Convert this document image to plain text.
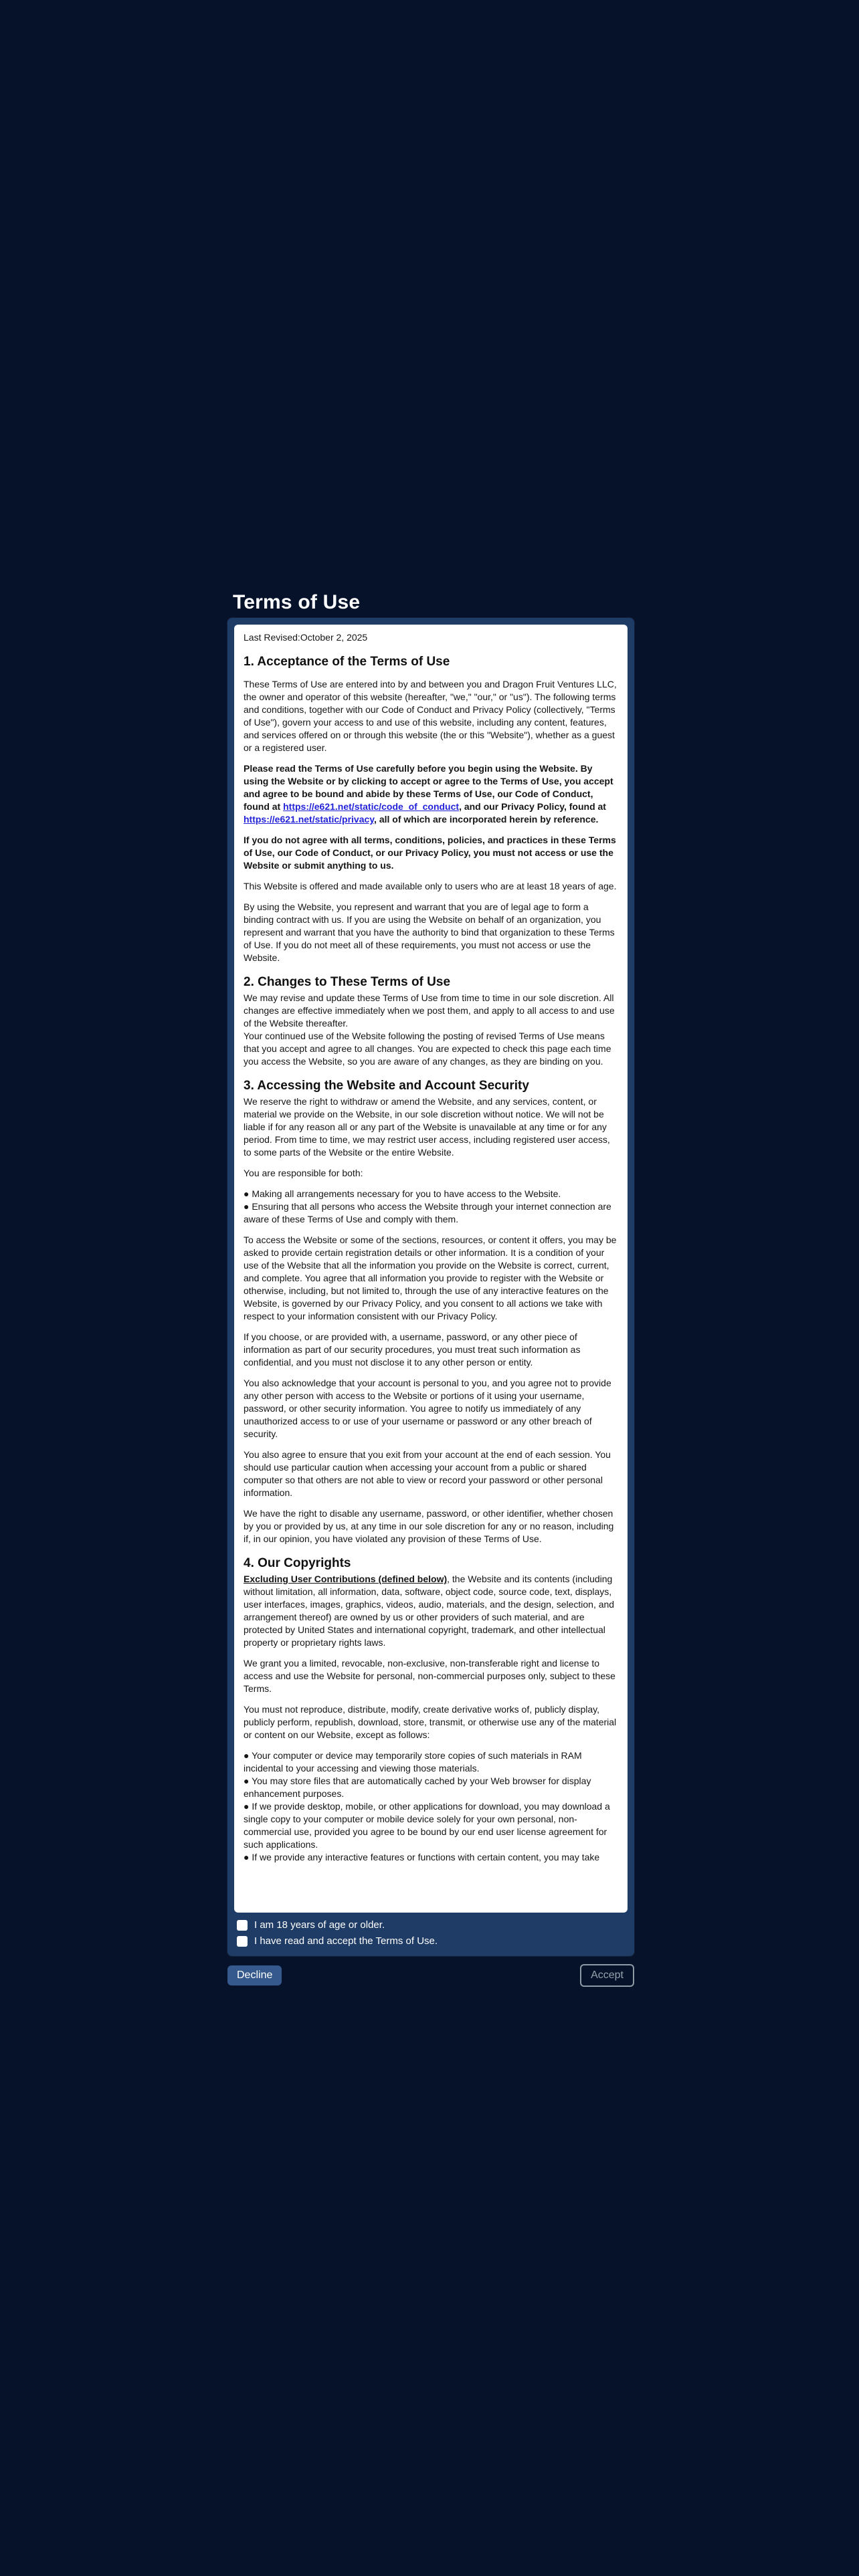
Terms of Use

Last Revised:October 2, 2025

1. Acceptance of the Terms of Use

These Terms of Use are entered into by and between you and Dragon Fruit Ventures LLC, the owner and operator of this website (hereafter, "we," "our," or "us"). The following terms and conditions, together with our Code of Conduct and Privacy Policy (collectively, "Terms of Use"), govern your access to and use of this website, including any content, features, and services offered on or through this website (the or this "Website"), whether as a guest or a registered user.

Please read the Terms of Use carefully before you begin using the Website. By using the Website or by clicking to accept or agree to the Terms of Use, you accept and agree to be bound and abide by these Terms of Use, our Code of Conduct, found at https://e621.net/static/code_of_conduct, and our Privacy Policy, found at https://e621.net/static/privacy, all of which are incorporated herein by reference.

If you do not agree with all terms, conditions, policies, and practices in these Terms of Use, our Code of Conduct, or our Privacy Policy, you must not access or use the Website or submit anything to us.

This Website is offered and made available only to users who are at least 18 years of age.

By using the Website, you represent and warrant that you are of legal age to form a binding contract with us. If you are using the Website on behalf of an organization, you represent and warrant that you have the authority to bind that organization to these Terms of Use. If you do not meet all of these requirements, you must not access or use the Website.

2. Changes to These Terms of Use

We may revise and update these Terms of Use from time to time in our sole discretion. All changes are effective immediately when we post them, and apply to all access to and use of the Website thereafter.
Your continued use of the Website following the posting of revised Terms of Use means that you accept and agree to all changes. You are expected to check this page each time you access the Website, so you are aware of any changes, as they are binding on you.

3. Accessing the Website and Account Security

We reserve the right to withdraw or amend the Website, and any services, content, or material we provide on the Website, in our sole discretion without notice. We will not be liable if for any reason all or any part of the Website is unavailable at any time or for any period. From time to time, we may restrict user access, including registered user access, to some parts of the Website or the entire Website.

You are responsible for both:

● Making all arrangements necessary for you to have access to the Website.
● Ensuring that all persons who access the Website through your internet connection are aware of these Terms of Use and comply with them.

To access the Website or some of the sections, resources, or content it offers, you may be asked to provide certain registration details or other information. It is a condition of your use of the Website that all the information you provide on the Website is correct, current, and complete. You agree that all information you provide to register with the Website or otherwise, including, but not limited to, through the use of any interactive features on the Website, is governed by our Privacy Policy, and you consent to all actions we take with respect to your information consistent with our Privacy Policy.

If you choose, or are provided with, a username, password, or any other piece of information as part of our security procedures, you must treat such information as confidential, and you must not disclose it to any other person or entity.

You also acknowledge that your account is personal to you, and you agree not to provide any other person with access to the Website or portions of it using your username, password, or other security information. You agree to notify us immediately of any unauthorized access to or use of your username or password or any other breach of security.

You also agree to ensure that you exit from your account at the end of each session. You should use particular caution when accessing your account from a public or shared computer so that others are not able to view or record your password or other personal information.

We have the right to disable any username, password, or other identifier, whether chosen by you or provided by us, at any time in our sole discretion for any or no reason, including if, in our opinion, you have violated any provision of these Terms of Use.

4. Our Copyrights

Excluding User Contributions (defined below), the Website and its contents (including without limitation, all information, data, software, object code, source code, text, displays, user interfaces, images, graphics, videos, audio, materials, and the design, selection, and arrangement thereof) are owned by us or other providers of such material, and are protected by United States and international copyright, trademark, and other intellectual property or proprietary rights laws.

We grant you a limited, revocable, non-exclusive, non-transferable right and license to access and use the Website for personal, non-commercial purposes only, subject to these Terms.

You must not reproduce, distribute, modify, create derivative works of, publicly display, publicly perform, republish, download, store, transmit, or otherwise use any of the material or content on our Website, except as follows:

● Your computer or device may temporarily store copies of such materials in RAM incidental to your accessing and viewing those materials.
● You may store files that are automatically cached by your Web browser for display enhancement purposes.
● If we provide desktop, mobile, or other applications for download, you may download a single copy to your computer or mobile device solely for your own personal, non-commercial use, provided you agree to be bound by our end user license agreement for such applications.
● If we provide any interactive features or functions with certain content, you may take
I am 18 years of age or older.
I have read and accept the Terms of Use.
Decline	Accept
